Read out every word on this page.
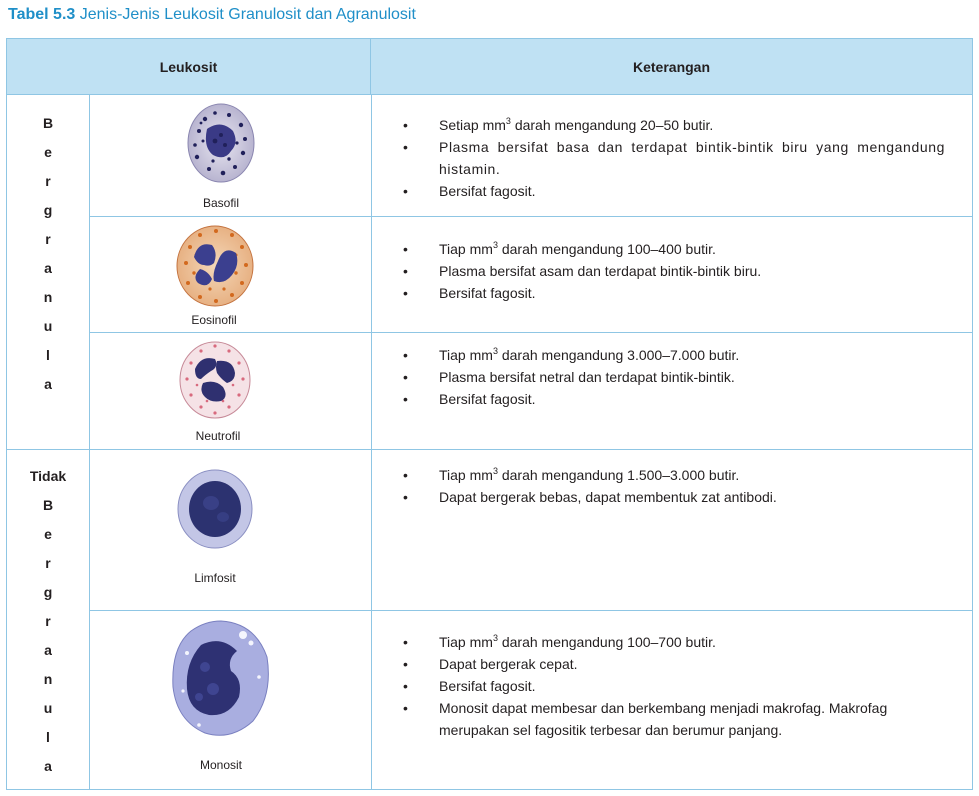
Tabel 5.3 Jenis-Jenis Leukosit Granulosit dan Agranulosit
Leukosit	Keterangan
B
e
r
g
r
a
n
u
l
a
Tidak
B
e
r
g
r
a
n
u
l
a
Basofil
Eosinofil
Neutrofil
Limfosit
Monosit
• Setiap $mm^3$ darah mengandung 20–50 butir.
• Plasma bersifat basa dan terdapat bintik-bintik biru yang mengandung histamin.
• Bersifat fagosit.
• Tiap $mm^3$ darah mengandung 100–400 butir.
• Plasma bersifat asam dan terdapat bintik-bintik biru.
• Bersifat fagosit.
• Tiap $mm^3$ darah mengandung 3.000–7.000 butir.
• Plasma bersifat netral dan terdapat bintik-bintik.
• Bersifat fagosit.
• Tiap $mm^3$ darah mengandung 1.500–3.000 butir.
• Dapat bergerak bebas, dapat membentuk zat antibodi.
• Tiap $mm^3$ darah mengandung 100–700 butir.
• Dapat bergerak cepat.
• Bersifat fagosit.
• Monosit dapat membesar dan berkembang menjadi makrofag. Makrofag merupakan sel fagositik terbesar dan berumur panjang.
